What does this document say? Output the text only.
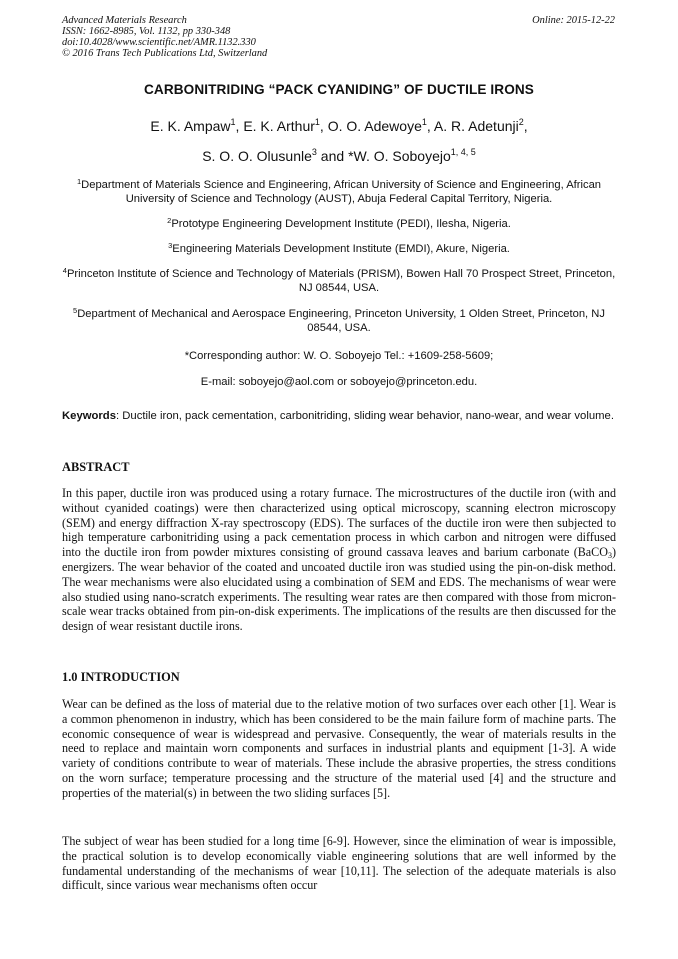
Advanced Materials Research
ISSN: 1662-8985, Vol. 1132, pp 330-348
doi:10.4028/www.scientific.net/AMR.1132.330
© 2016 Trans Tech Publications Ltd, Switzerland
Online: 2015-12-22
CARBONITRIDING “PACK CYANIDING” OF DUCTILE IRONS
E. K. Ampaw$^1$, E. K. Arthur$^1$, O. O. Adewoye$^1$, A. R. Adetunji$^2$,
S. O. O. Olusunle$^3$ and *W. O. Soboyejo$^{1, 4, 5}$
$^1$Department of Materials Science and Engineering, African University of Science and Engineering, African University of Science and Technology (AUST), Abuja Federal Capital Territory, Nigeria.
$^2$Prototype Engineering Development Institute (PEDI), Ilesha, Nigeria.
$^3$Engineering Materials Development Institute (EMDI), Akure, Nigeria.
$^4$Princeton Institute of Science and Technology of Materials (PRISM), Bowen Hall 70 Prospect Street, Princeton, NJ 08544, USA.
$^5$Department of Mechanical and Aerospace Engineering, Princeton University, 1 Olden Street, Princeton, NJ 08544, USA.
*Corresponding author: W. O. Soboyejo Tel.: +1609-258-5609;
E-mail: soboyejo@aol.com or soboyejo@princeton.edu.
Keywords: Ductile iron, pack cementation, carbonitriding, sliding wear behavior, nano-wear, and wear volume.
ABSTRACT
In this paper, ductile iron was produced using a rotary furnace. The microstructures of the ductile iron (with and without cyanided coatings) were then characterized using optical microscopy, scanning electron microscopy (SEM) and energy diffraction X-ray spectroscopy (EDS). The surfaces of the ductile iron were then subjected to high temperature carbonitriding using a pack cementation process in which carbon and nitrogen were diffused into the ductile iron from powder mixtures consisting of ground cassava leaves and barium carbonate (BaCO$_3$) energizers. The wear behavior of the coated and uncoated ductile iron was studied using the pin-on-disk method. The wear mechanisms were also elucidated using a combination of SEM and EDS. The mechanisms of wear were also studied using nano-scratch experiments. The resulting wear rates are then compared with those from micron-scale wear tracks obtained from pin-on-disk experiments. The implications of the results are then discussed for the design of wear resistant ductile irons.
1.0 INTRODUCTION
Wear can be defined as the loss of material due to the relative motion of two surfaces over each other [1]. Wear is a common phenomenon in industry, which has been considered to be the main failure form of machine parts. The economic consequence of wear is widespread and pervasive. Consequently, the wear of materials results in the need to replace and maintain worn components and surfaces in industrial plants and equipment [1-3]. A wide variety of conditions contribute to wear of materials. These include the abrasive properties, the stress conditions on the worn surface; temperature processing and the structure of the material used [4] and the structure and properties of the material(s) in between the two sliding surfaces [5].
The subject of wear has been studied for a long time [6-9]. However, since the elimination of wear is impossible, the practical solution is to develop economically viable engineering solutions that are well informed by the fundamental understanding of the mechanisms of wear [10,11]. The selection of the adequate materials is also difficult, since various wear mechanisms often occur
